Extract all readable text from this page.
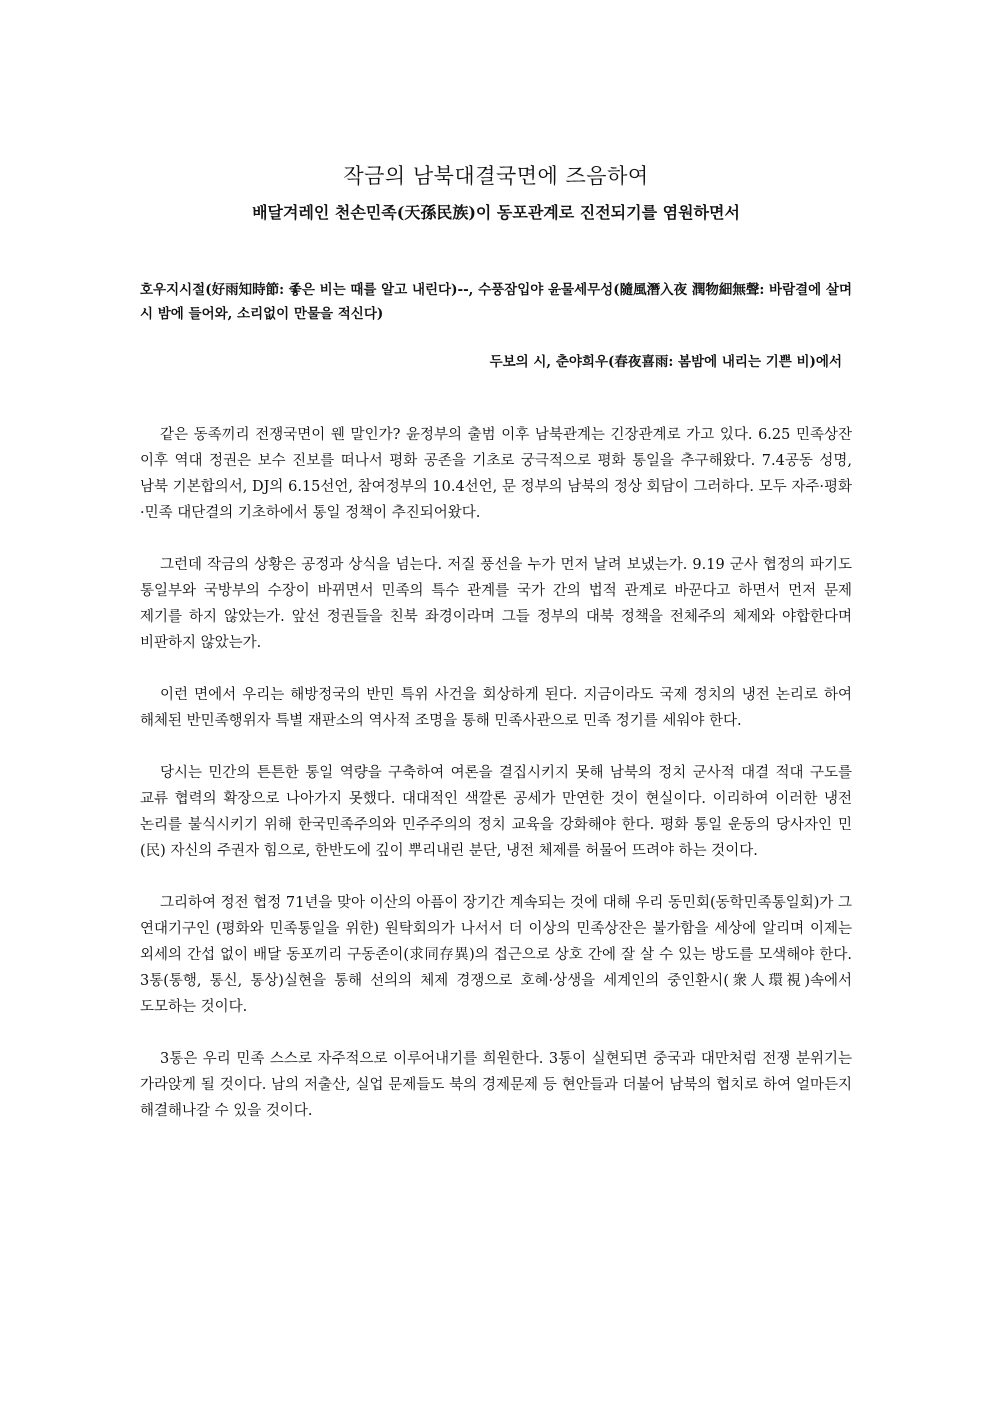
작금의 남북대결국면에 즈음하여
배달겨레인 천손민족(天孫民族)이 동포관계로 진전되기를 염원하면서

호우지시절(好雨知時節: 좋은 비는 때를 알고 내린다)--, 수풍잠입야 윤물세무성(隨風潛入夜 潤物細無聲: 바람결에 살며시 밤에 들어와, 소리없이 만물을 적신다)

두보의 시, 춘야희우(春夜喜雨: 봄밤에 내리는 기쁜 비)에서

같은 동족끼리 전쟁국면이 웬 말인가? 윤정부의 출범 이후 남북관계는 긴장관계로 가고 있다. 6.25 민족상잔 이후 역대 정권은 보수 진보를 떠나서 평화 공존을 기초로 궁극적으로 평화 통일을 추구해왔다. 7.4공동 성명, 남북 기본합의서, DJ의 6.15선언, 참여정부의 10.4선언, 문 정부의 남북의 정상 회담이 그러하다. 모두 자주·평화·민족 대단결의 기초하에서 통일 정책이 추진되어왔다.

그런데 작금의 상황은 공정과 상식을 넘는다. 저질 풍선을 누가 먼저 날려 보냈는가. 9.19 군사 협정의 파기도 통일부와 국방부의 수장이 바뀌면서 민족의 특수 관계를 국가 간의 법적 관계로 바꾼다고 하면서 먼저 문제 제기를 하지 않았는가. 앞선 정권들을 친북 좌경이라며 그들 정부의 대북 정책을 전체주의 체제와 야합한다며 비판하지 않았는가.

이런 면에서 우리는 해방정국의 반민 특위 사건을 회상하게 된다. 지금이라도 국제 정치의 냉전 논리로 하여 해체된 반민족행위자 특별 재판소의 역사적 조명을 통해 민족사관으로 민족 정기를 세워야 한다.

당시는 민간의 튼튼한 통일 역량을 구축하여 여론을 결집시키지 못해 남북의 정치 군사적 대결 적대 구도를 교류 협력의 확장으로 나아가지 못했다. 대대적인 색깔론 공세가 만연한 것이 현실이다. 이리하여 이러한 냉전 논리를 불식시키기 위해 한국민족주의와 민주주의의 정치 교육을 강화해야 한다. 평화 통일 운동의 당사자인 민(民) 자신의 주권자 힘으로, 한반도에 깊이 뿌리내린 분단, 냉전 체제를 허물어 뜨려야 하는 것이다.

그리하여 정전 협정 71년을 맞아 이산의 아픔이 장기간 계속되는 것에 대해 우리 동민회(동학민족통일회)가 그 연대기구인 (평화와 민족통일을 위한) 원탁회의가 나서서 더 이상의 민족상잔은 불가함을 세상에 알리며 이제는 외세의 간섭 없이 배달 동포끼리 구동존이(求同存異)의 접근으로 상호 간에 잘 살 수 있는 방도를 모색해야 한다. 3통(통행, 통신, 통상)실현을 통해 선의의 체제 경쟁으로 호혜·상생을 세계인의 중인환시(衆人環視)속에서 도모하는 것이다.

3통은 우리 민족 스스로 자주적으로 이루어내기를 희원한다. 3통이 실현되면 중국과 대만처럼 전쟁 분위기는 가라앉게 될 것이다. 남의 저출산, 실업 문제들도 북의 경제문제 등 현안들과 더불어 남북의 협치로 하여 얼마든지 해결해나갈 수 있을 것이다.
